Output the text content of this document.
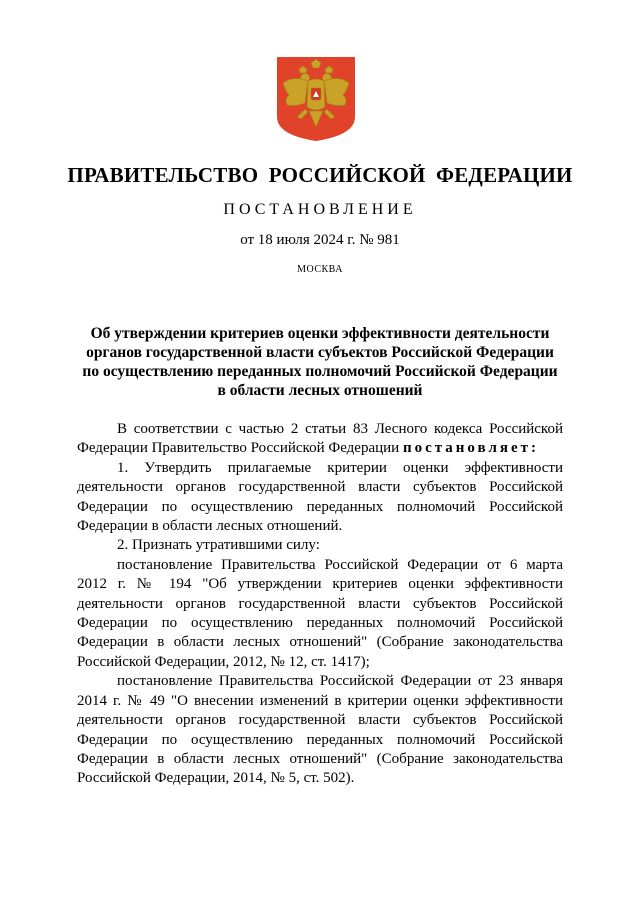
ПРАВИТЕЛЬСТВО РОССИЙСКОЙ ФЕДЕРАЦИИ
ПОСТАНОВЛЕНИЕ
от 18 июля 2024 г. № 981
МОСКВА
Об утверждении критериев оценки эффективности деятельности
органов государственной власти субъектов Российской Федерации
по осуществлению переданных полномочий Российской Федерации
в области лесных отношений

В соответствии с частью 2 статьи 83 Лесного кодекса Российской Федерации Правительство Российской Федерации постановляет:

1. Утвердить прилагаемые критерии оценки эффективности деятельности органов государственной власти субъектов Российской Федерации по осуществлению переданных полномочий Российской Федерации в области лесных отношений.

2. Признать утратившими силу:

постановление Правительства Российской Федерации от 6 марта 2012 г. № 194 "Об утверждении критериев оценки эффективности деятельности органов государственной власти субъектов Российской Федерации по осуществлению переданных полномочий Российской Федерации в области лесных отношений" (Собрание законодательства Российской Федерации, 2012, № 12, ст. 1417);

постановление Правительства Российской Федерации от 23 января 2014 г. № 49 "О внесении изменений в критерии оценки эффективности деятельности органов государственной власти субъектов Российской Федерации по осуществлению переданных полномочий Российской Федерации в области лесных отношений" (Собрание законодательства Российской Федерации, 2014, № 5, ст. 502).
